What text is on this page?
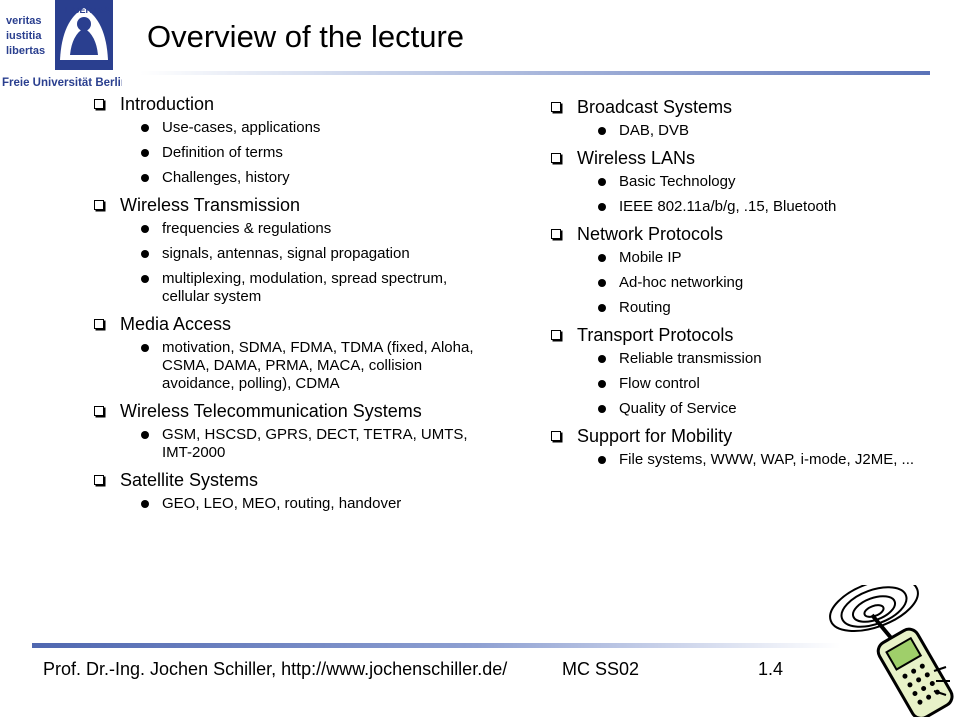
veritas
iustitia
libertas
LIBERTAS
Freie Universität Berlin
Overview of the lecture
Introduction
Use-cases, applications
Definition of terms
Challenges, history
Wireless Transmission
frequencies & regulations
signals, antennas, signal propagation
multiplexing, modulation, spread spectrum, cellular system
Media Access
motivation, SDMA, FDMA, TDMA (fixed, Aloha, CSMA, DAMA, PRMA, MACA, collision avoidance, polling), CDMA
Wireless Telecommunication Systems
GSM, HSCSD, GPRS, DECT, TETRA, UMTS, IMT-2000
Satellite Systems
GEO, LEO, MEO, routing, handover
Broadcast Systems
DAB, DVB
Wireless LANs
Basic Technology
IEEE 802.11a/b/g, .15, Bluetooth
Network Protocols
Mobile IP
Ad-hoc networking
Routing
Transport Protocols
Reliable transmission
Flow control
Quality of Service
Support for Mobility
File systems, WWW, WAP, i-mode, J2ME, ...
Prof. Dr.-Ing. Jochen Schiller, http://www.jochenschiller.de/	MC SS02	1.4
